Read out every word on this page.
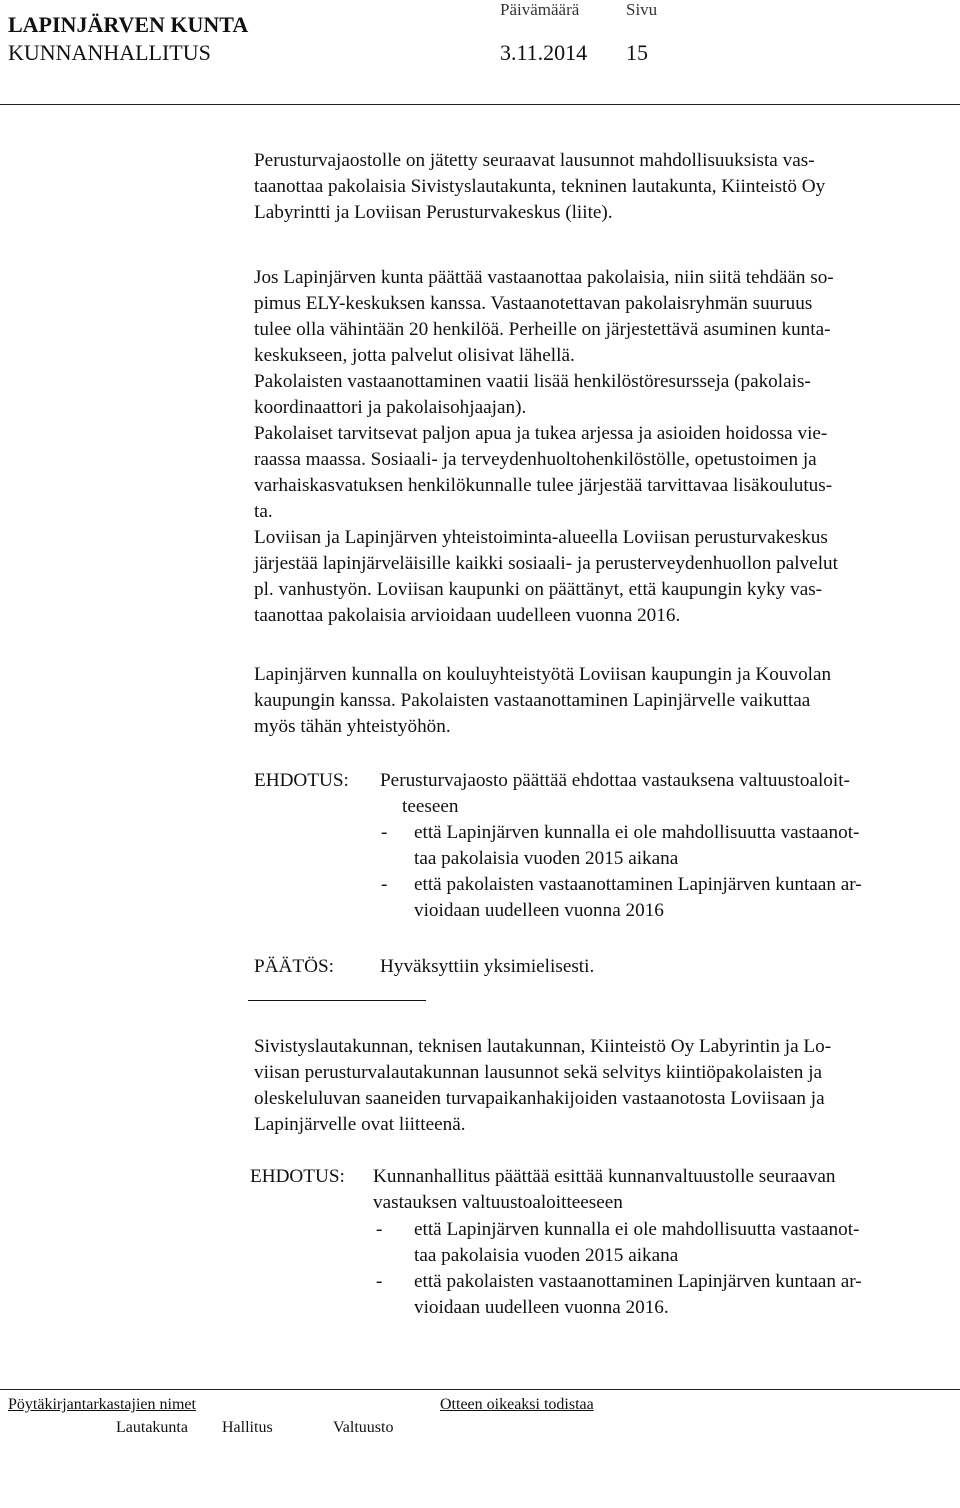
LAPINJÄRVEN KUNTA
KUNNANHALLITUS
Päivämäärä	Sivu
3.11.2014 15
Perusturvajaostolle on jätetty seuraavat lausunnot mahdollisuuksista vas-
taanottaa pakolaisia Sivistyslautakunta, tekninen lautakunta, Kiinteistö Oy
Labyrintti ja Loviisan Perusturvakeskus (liite).
Jos Lapinjärven kunta päättää vastaanottaa pakolaisia, niin siitä tehdään so-
pimus ELY-keskuksen kanssa. Vastaanotettavan pakolaisryhmän suuruus
tulee olla vähintään 20 henkilöä. Perheille on järjestettävä asuminen kunta-
keskukseen, jotta palvelut olisivat lähellä.
Pakolaisten vastaanottaminen vaatii lisää henkilöstöresursseja (pakolais-
koordinaattori ja pakolaisohjaajan).
Pakolaiset tarvitsevat paljon apua ja tukea arjessa ja asioiden hoidossa vie-
raassa maassa. Sosiaali- ja terveydenhuoltohenkilöstölle, opetustoimen ja
varhaiskasvatuksen henkilökunnalle tulee järjestää tarvittavaa lisäkoulutus-
ta.
Loviisan ja Lapinjärven yhteistoiminta-alueella Loviisan perusturvakeskus
järjestää lapinjärveläisille kaikki sosiaali- ja perusterveydenhuollon palvelut
pl. vanhustyön. Loviisan kaupunki on päättänyt, että kaupungin kyky vas-
taanottaa pakolaisia arvioidaan uudelleen vuonna 2016.
Lapinjärven kunnalla on kouluyhteistyötä Loviisan kaupungin ja Kouvolan
kaupungin kanssa. Pakolaisten vastaanottaminen Lapinjärvelle vaikuttaa
myös tähän yhteistyöhön.
EHDOTUS: Perusturvajaosto päättää ehdottaa vastauksena valtuustoaloit-
teeseen
- että Lapinjärven kunnalla ei ole mahdollisuutta vastaanot-
taa pakolaisia vuoden 2015 aikana
- että pakolaisten vastaanottaminen Lapinjärven kuntaan ar-
vioidaan uudelleen vuonna 2016
PÄÄTÖS: Hyväksyttiin yksimielisesti.
Sivistyslautakunnan, teknisen lautakunnan, Kiinteistö Oy Labyrintin ja Lo-
viisan perusturvalautakunnan lausunnot sekä selvitys kiintiöpakolaisten ja
oleskeluluvan saaneiden turvapaikanhakijoiden vastaanotosta Loviisaan ja
Lapinjärvelle ovat liitteenä.
EHDOTUS: Kunnanhallitus päättää esittää kunnanvaltuustolle seuraavan
vastauksen valtuustoaloitteeseen
- että Lapinjärven kunnalla ei ole mahdollisuutta vastaanot-
taa pakolaisia vuoden 2015 aikana
- että pakolaisten vastaanottaminen Lapinjärven kuntaan ar-
vioidaan uudelleen vuonna 2016.
Pöytäkirjantarkastajien nimet	Otteen oikeaksi todistaa
Lautakunta Hallitus	Valtuusto
